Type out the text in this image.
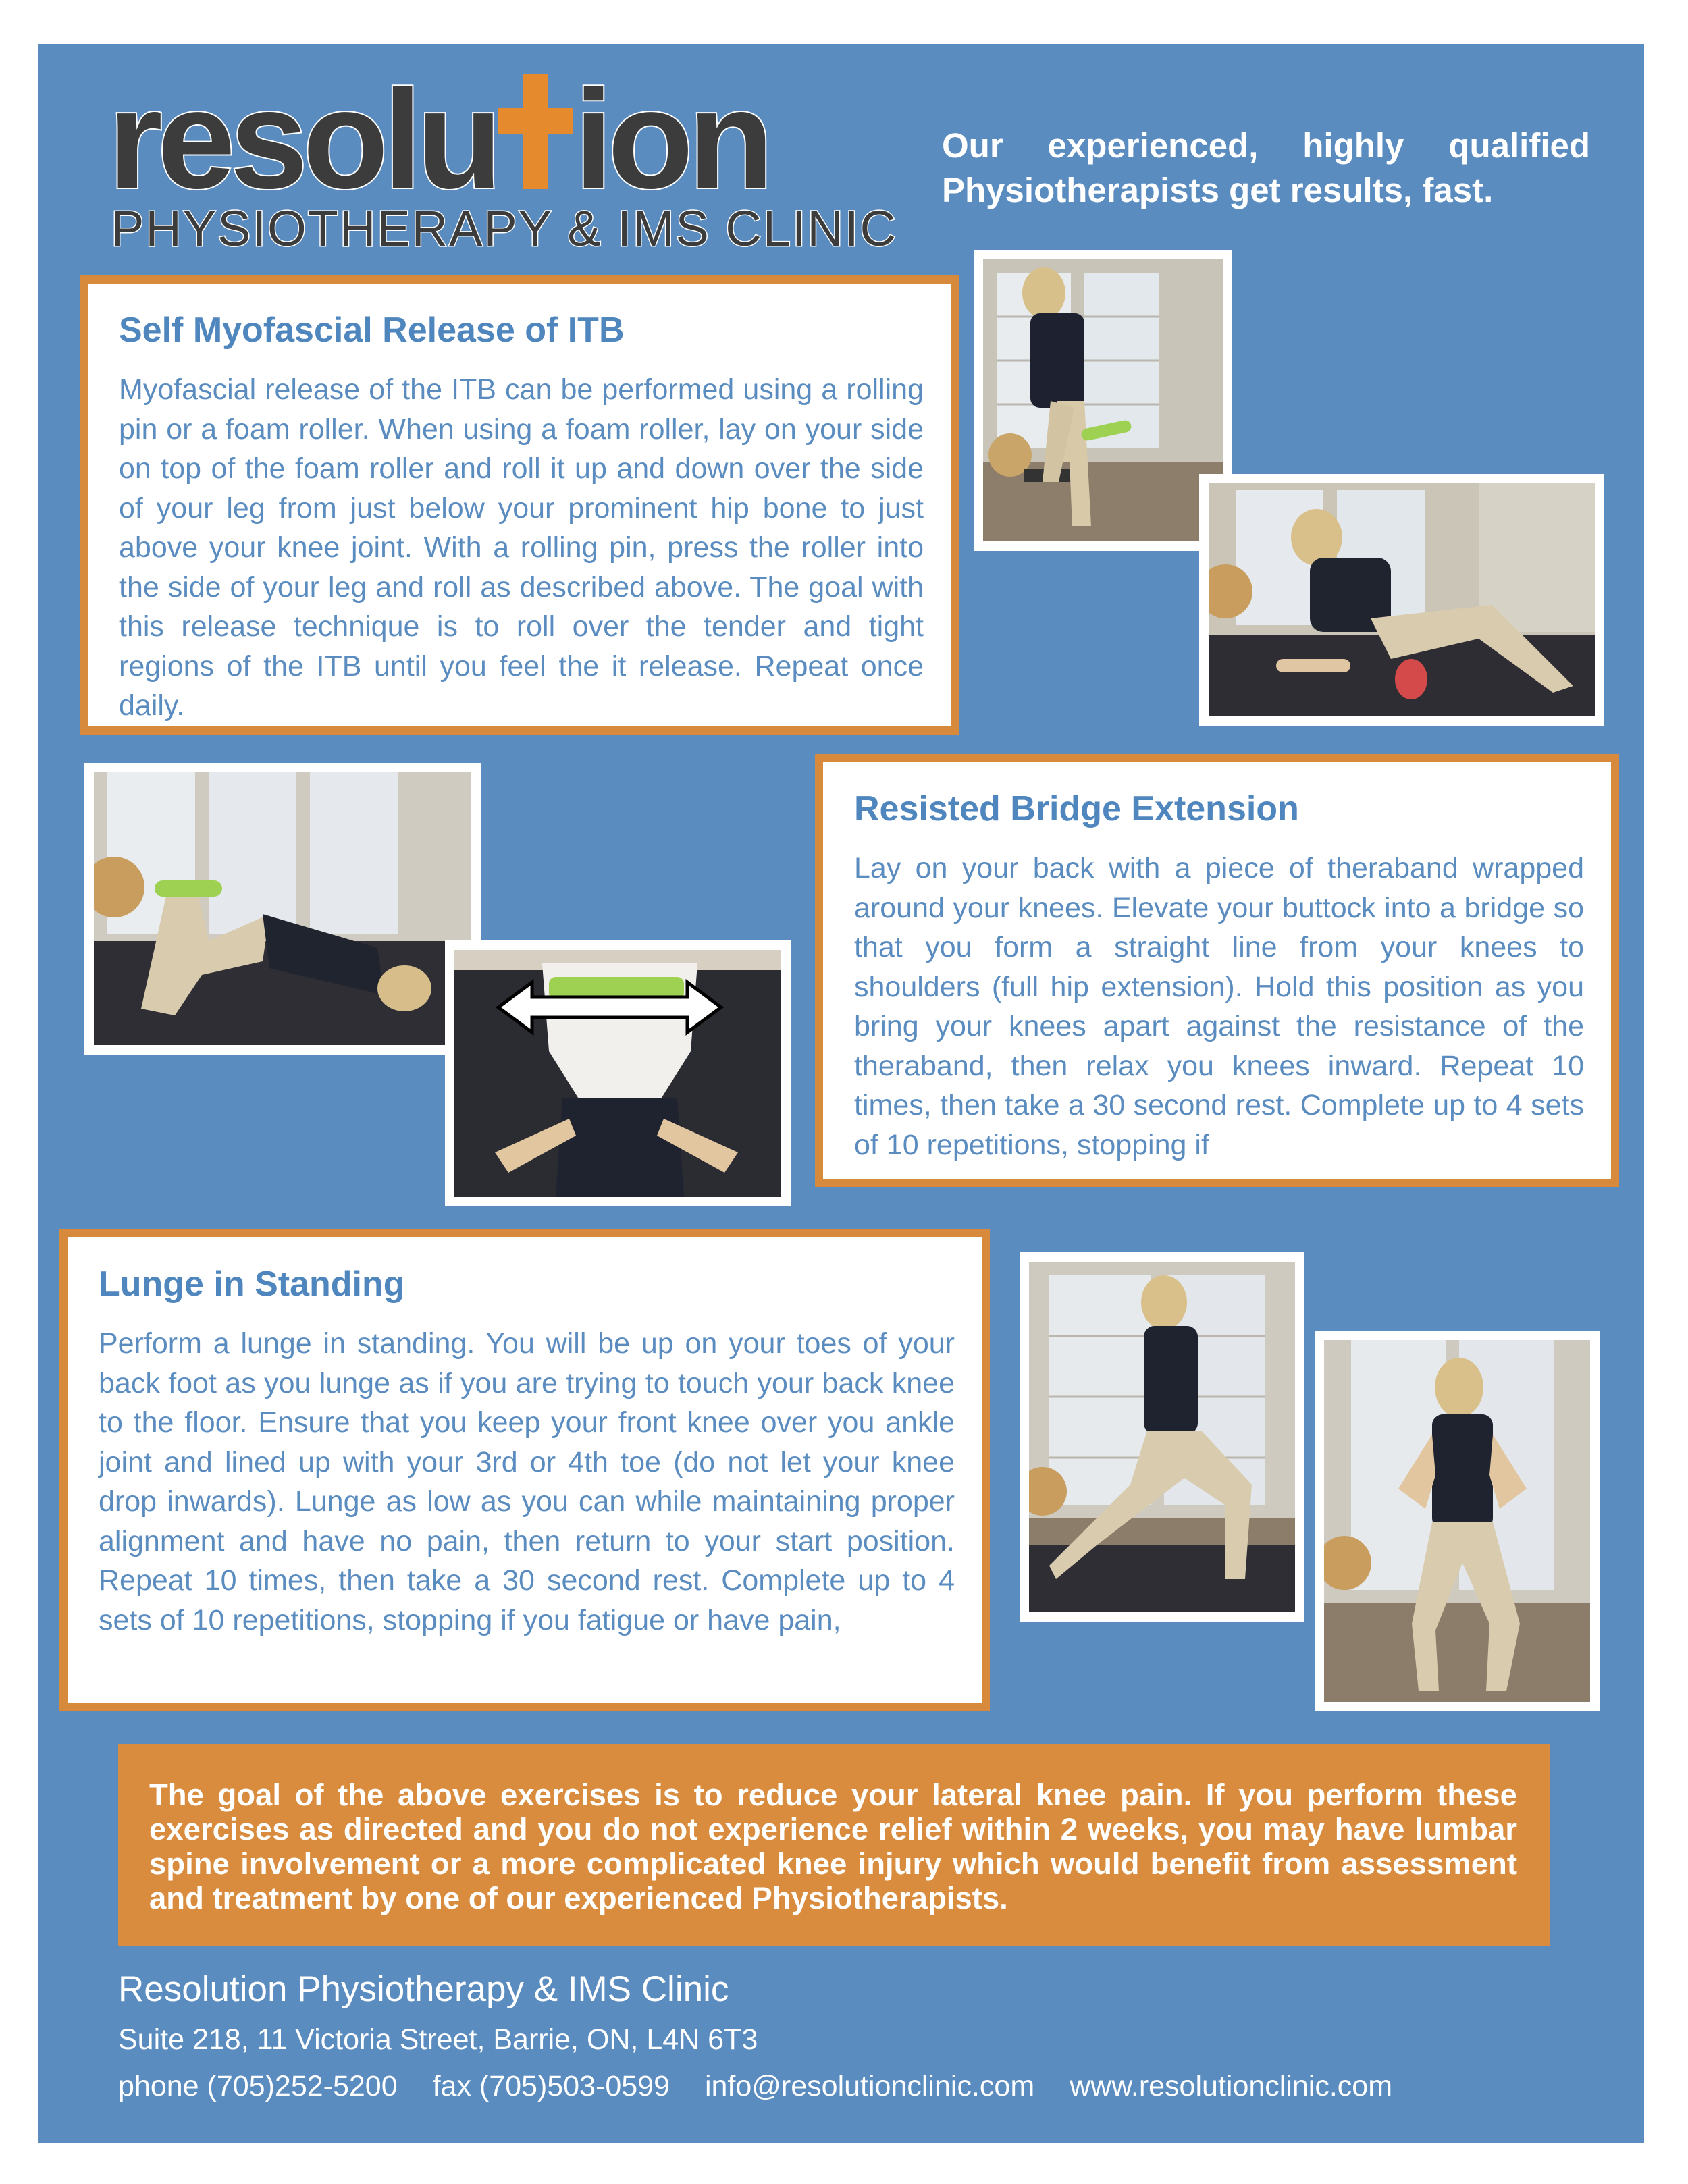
resolu ion
PHYSIOTHERAPY & IMS CLINIC
Our experienced, highly qualified Physiotherapists get results, fast.
Self Myofascial Release of ITB

Myofascial release of the ITB can be performed using a rolling pin or a foam roller. When using a foam roller, lay on your side on top of the foam roller and roll it up and down over the side of your leg from just below your prominent hip bone to just above your knee joint. With a rolling pin, press the roller into the side of your leg and roll as described above. The goal with this release technique is to roll over the tender and tight regions of the ITB until you feel the it release. Repeat once daily.

Resisted Bridge Extension

Lay on your back with a piece of theraband wrapped around your knees. Elevate your buttock into a bridge so that you form a straight line from your knees to shoulders (full hip extension). Hold this position as you bring your knees apart against the resistance of the theraband, then relax you knees inward. Repeat 10 times, then take a 30 second rest. Complete up to 4 sets of 10 repetitions, stopping if

Lunge in Standing

Perform a lunge in standing. You will be up on your toes of your back foot as you lunge as if you are trying to touch your back knee to the floor. Ensure that you keep your front knee over you ankle joint and lined up with your 3rd or 4th toe (do not let your knee drop inwards). Lunge as low as you can while maintaining proper alignment and have no pain, then return to your start position. Repeat 10 times, then take a 30 second rest. Complete up to 4 sets of 10 repetitions, stopping if you fatigue or have pain,

The goal of the above exercises is to reduce your lateral knee pain. If you perform these exercises as directed and you do not experience relief within 2 weeks, you may have lumbar spine involvement or a more complicated knee injury which would benefit from assessment and treatment by one of our experienced Physiotherapists.
Resolution Physiotherapy & IMS Clinic
Suite 218, 11 Victoria Street, Barrie, ON, L4N 6T3
phone (705)252-5200 fax (705)503-0599 info@resolutionclinic.com www.resolutionclinic.com
